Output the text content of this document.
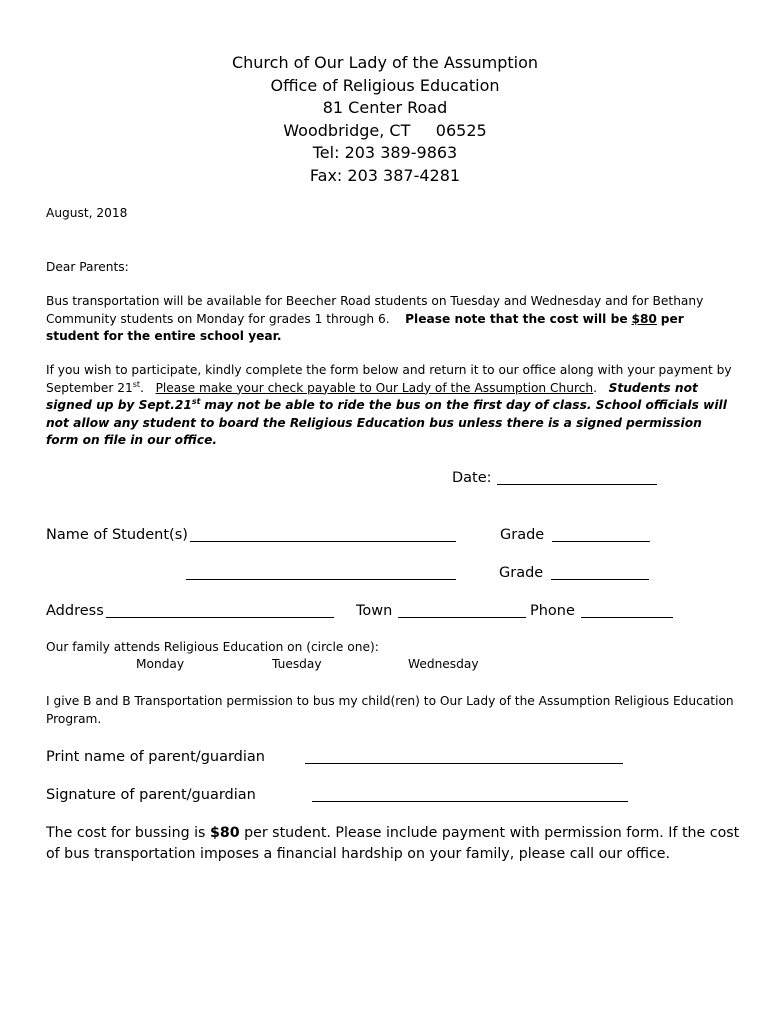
Church of Our Lady of the Assumption
Office of Religious Education
81 Center Road
Woodbridge, CT     06525
Tel: 203 389-9863
Fax: 203 387-4281
August, 2018
Dear Parents:
Bus transportation will be available for Beecher Road students on Tuesday and Wednesday and for Bethany Community students on Monday for grades 1 through 6. Please note that the cost will be $80 per student for the entire school year.
If you wish to participate, kindly complete the form below and return it to our office along with your payment by September 21st.   Please make your check payable to Our Lady of the Assumption Church.   Students not signed up by Sept.21st may not be able to ride the bus on the first day of class. School officials will not allow any student to board the Religious Education bus unless there is a signed permission form on file in our office.
Date:
Name of Student(s)	Grade
Grade
Address	Town	Phone
Our family attends Religious Education on (circle one):
Monday	Tuesday	Wednesday
I give B and B Transportation permission to bus my child(ren) to Our Lady of the Assumption Religious Education Program.
Print name of parent/guardian
Signature of parent/guardian
The cost for bussing is $80 per student. Please include payment with permission form. If the cost of bus transportation imposes a financial hardship on your family, please call our office.
